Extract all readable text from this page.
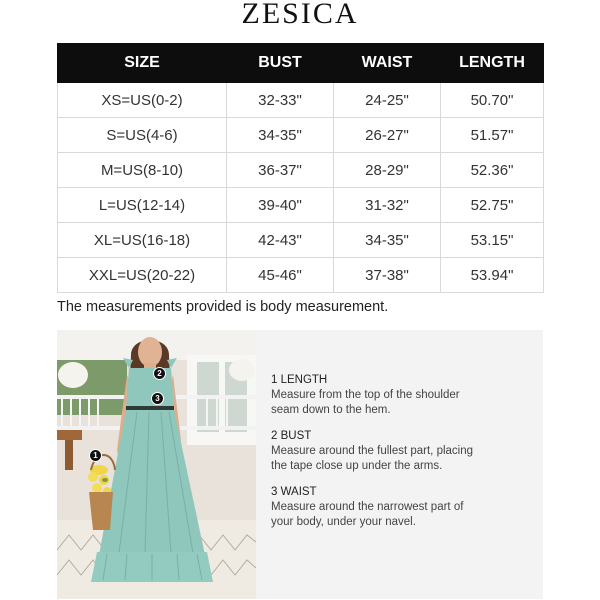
ZESICA
SIZE	BUST	WAIST	LENGTH
XS=US(0-2)	32-33"	24-25"	50.70"
S=US(4-6)	34-35"	26-27"	51.57"
M=US(8-10)	36-37"	28-29"	52.36"
L=US(12-14)	39-40"	31-32"	52.75"
XL=US(16-18)	42-43"	34-35"	53.15"
XXL=US(20-22)	45-46"	37-38"	53.94"
The measurements provided is body measurement.
2
3
1
1 LENGTH
Measure from the top of the shoulder
seam down to the hem.
2 BUST
Measure around the fullest part, placing
the tape close up under the arms.
3 WAIST
Measure around the narrowest part of
your body, under your navel.
